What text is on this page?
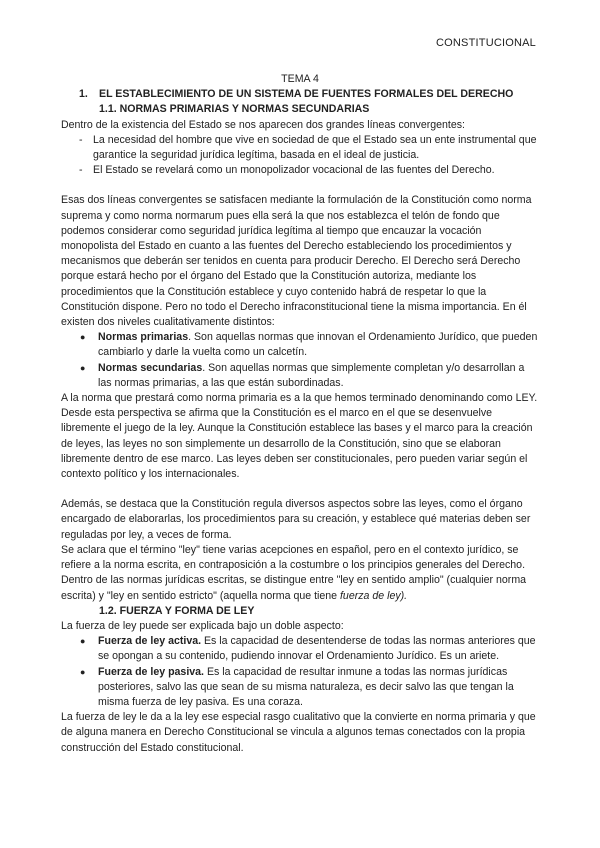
CONSTITUCIONAL

TEMA 4

1. EL ESTABLECIMIENTO DE UN SISTEMA DE FUENTES FORMALES DEL DERECHO

1.1. NORMAS PRIMARIAS Y NORMAS SECUNDARIAS

Dentro de la existencia del Estado se nos aparecen dos grandes líneas convergentes:

- La necesidad del hombre que vive en sociedad de que el Estado sea un ente instrumental que garantice la seguridad jurídica legítima, basada en el ideal de justicia.
- El Estado se revelará como un monopolizador vocacional de las fuentes del Derecho.

Esas dos líneas convergentes se satisfacen mediante la formulación de la Constitución como norma suprema y como norma normarum pues ella será la que nos establezca el telón de fondo que podemos considerar como seguridad jurídica legítima al tiempo que encauzar la vocación monopolista del Estado en cuanto a las fuentes del Derecho estableciendo los procedimientos y mecanismos que deberán ser tenidos en cuenta para producir Derecho. El Derecho será Derecho porque estará hecho por el órgano del Estado que la Constitución autoriza, mediante los procedimientos que la Constitución establece y cuyo contenido habrá de respetar lo que la Constitución dispone. Pero no todo el Derecho infraconstitucional tiene la misma importancia. En él existen dos niveles cualitativamente distintos:

● Normas primarias. Son aquellas normas que innovan el Ordenamiento Jurídico, que pueden cambiarlo y darle la vuelta como un calcetín.
● Normas secundarias. Son aquellas normas que simplemente completan y/o desarrollan a las normas primarias, a las que están subordinadas.

A la norma que prestará como norma primaria es a la que hemos terminado denominando como LEY.

Desde esta perspectiva se afirma que la Constitución es el marco en el que se desenvuelve libremente el juego de la ley. Aunque la Constitución establece las bases y el marco para la creación de leyes, las leyes no son simplemente un desarrollo de la Constitución, sino que se elaboran libremente dentro de ese marco. Las leyes deben ser constitucionales, pero pueden variar según el contexto político y los internacionales.

Además, se destaca que la Constitución regula diversos aspectos sobre las leyes, como el órgano encargado de elaborarlas, los procedimientos para su creación, y establece qué materias deben ser reguladas por ley, a veces de forma.

Se aclara que el término "ley" tiene varias acepciones en español, pero en el contexto jurídico, se refiere a la norma escrita, en contraposición a la costumbre o los principios generales del Derecho. Dentro de las normas jurídicas escritas, se distingue entre "ley en sentido amplio" (cualquier norma escrita) y "ley en sentido estricto" (aquella norma que tiene fuerza de ley).

1.2. FUERZA Y FORMA DE LEY

La fuerza de ley puede ser explicada bajo un doble aspecto:

● Fuerza de ley activa. Es la capacidad de desentenderse de todas las normas anteriores que se opongan a su contenido, pudiendo innovar el Ordenamiento Jurídico. Es un ariete.
● Fuerza de ley pasiva. Es la capacidad de resultar inmune a todas las normas jurídicas posteriores, salvo las que sean de su misma naturaleza, es decir salvo las que tengan la misma fuerza de ley pasiva. Es una coraza.

La fuerza de ley le da a la ley ese especial rasgo cualitativo que la convierte en norma primaria y que de alguna manera en Derecho Constitucional se vincula a algunos temas conectados con la propia construcción del Estado constitucional.
